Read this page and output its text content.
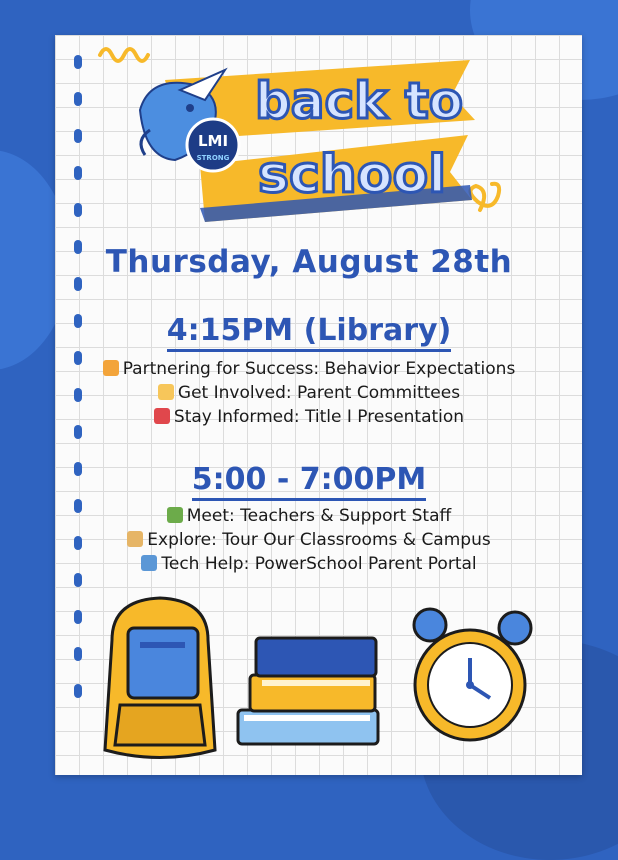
LMI
STRONG
back to
school
Thursday, August 28th
4:15PM (Library)
Partnering for Success: Behavior Expectations
Get Involved: Parent Committees
Stay Informed: Title I Presentation
5:00 - 7:00PM
Meet: Teachers & Support Staff
Explore: Tour Our Classrooms & Campus
Tech Help: PowerSchool Parent Portal
